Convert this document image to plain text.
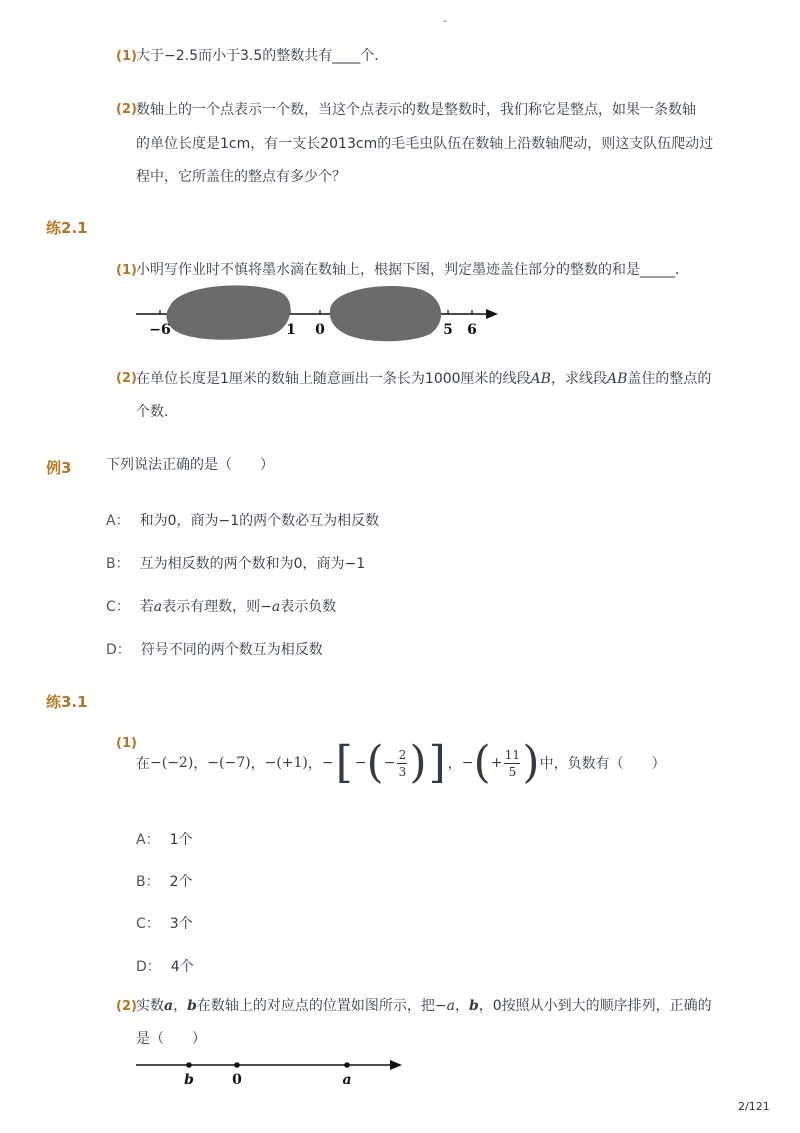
-
(1) 大于−2.5而小于3.5的整数共有____个．
(2) 数轴上的一个点表示一个数，当这个点表示的数是整数时，我们称它是整点，如果一条数轴
的单位长度是1cm，有一支长2013cm的毛毛虫队伍在数轴上沿数轴爬动，则这支队伍爬动过
程中，它所盖住的整点有多少个？
练2.1
(1) 小明写作业时不慎将墨水滴在数轴上，根据下图，判定墨迹盖住部分的整数的和是_____．
−6	1 0	5 6
(2) 在单位长度是1厘米的数轴上随意画出一条长为1000厘米的线段AB，求线段AB盖住的整点的
个数．
例3 下列说法正确的是（　　）
A： 和为0，商为−1的两个数必互为相反数
B： 互为相反数的两个数和为0，商为−1
C： 若a表示有理数，则−a表示负数
D： 符号不同的两个数互为相反数
练3.1
(1)
在 −(−2) ， −(−7) ， −(+1) ， − [ − ( −
2
3 ) ] ， − ( +
11
5 ) 中，负数有（　　）
A： 1个
B： 2个
C： 3个
D： 4个
(2) 实数a，b在数轴上的对应点的位置如图所示，把−a，b，0按照从小到大的顺序排列，正确的
是（　　）
b	0	a
2/121
